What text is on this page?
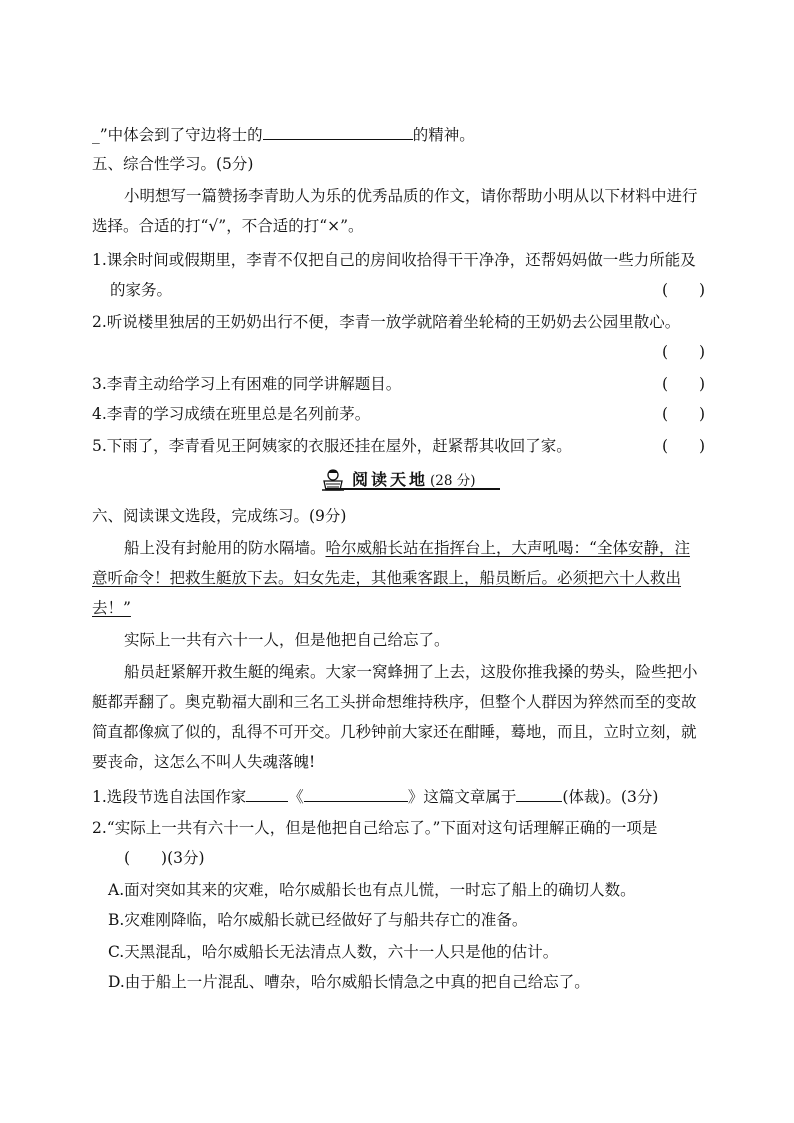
_”中体会到了守边将士的	的精神。
五、综合性学习。(5分)
小明想写一篇赞扬李青助人为乐的优秀品质的作文，请你帮助小明从以下材料中进行
选择。合适的打“√”，不合适的打“×”。
1.课余时间或假期里，李青不仅把自己的房间收拾得干干净净，还帮妈妈做一些力所能及
的家务。	(　　)
2.听说楼里独居的王奶奶出行不便，李青一放学就陪着坐轮椅的王奶奶去公园里散心。
(　　)
3.李青主动给学习上有困难的同学讲解题目。	(　　)
4.李青的学习成绩在班里总是名列前茅。	(　　)
5.下雨了，李青看见王阿姨家的衣服还挂在屋外，赶紧帮其收回了家。	(　　)
阅读天地 (28 分)
六、阅读课文选段，完成练习。(9分)
船上没有封舱用的防水隔墙。哈尔威船长站在指挥台上，大声吼喝：“全体安静，注
意听命令！把救生艇放下去。妇女先走，其他乘客跟上，船员断后。必须把六十人救出
去！”
实际上一共有六十一人，但是他把自己给忘了。
船员赶紧解开救生艇的绳索。大家一窝蜂拥了上去，这股你推我搡的势头，险些把小
艇都弄翻了。奥克勒福大副和三名工头拼命想维持秩序，但整个人群因为猝然而至的变故
简直都像疯了似的，乱得不可开交。几秒钟前大家还在酣睡，蓦地，而且，立时立刻，就
要丧命，这怎么不叫人失魂落魄!
1.选段节选自法国作家	《	》这篇文章属于	(体裁)。(3分)
2.“实际上一共有六十一人，但是他把自己给忘了。”下面对这句话理解正确的一项是
(　　)(3分)
A.面对突如其来的灾难，哈尔威船长也有点儿慌，一时忘了船上的确切人数。
B.灾难刚降临，哈尔威船长就已经做好了与船共存亡的准备。
C.天黑混乱，哈尔威船长无法清点人数，六十一人只是他的估计。
D.由于船上一片混乱、嘈杂，哈尔威船长情急之中真的把自己给忘了。
